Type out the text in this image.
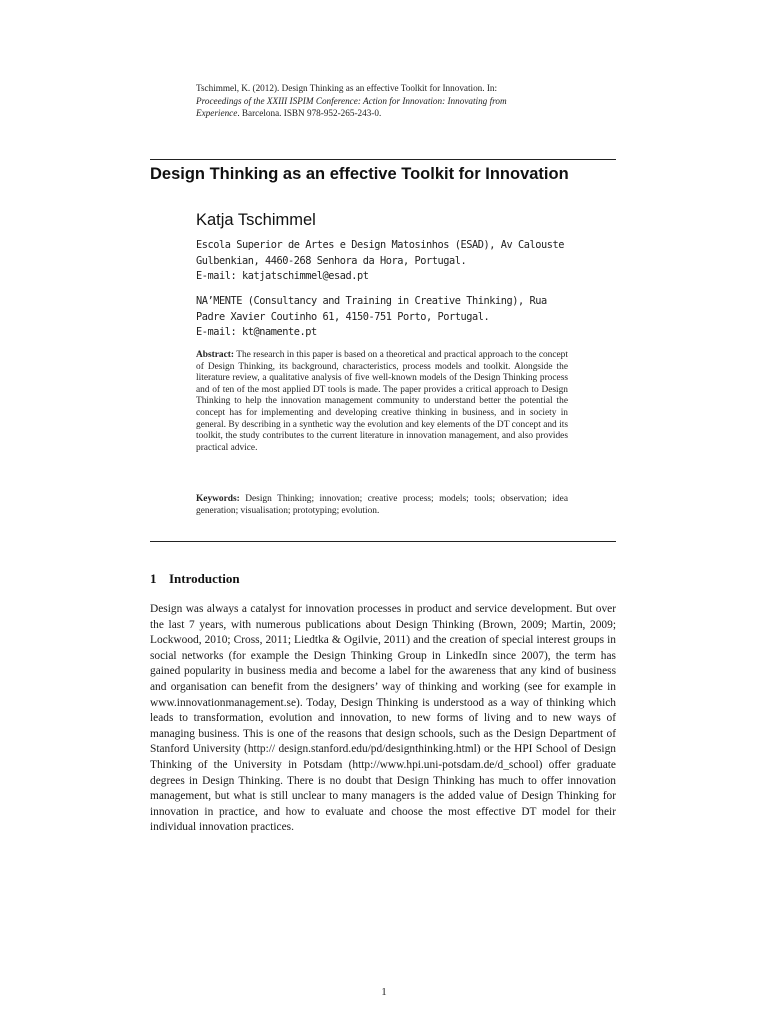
Tschimmel, K. (2012). Design Thinking as an effective Toolkit for Innovation. In:
Proceedings of the XXIII ISPIM Conference: Action for Innovation: Innovating from
Experience. Barcelona. ISBN 978-952-265-243-0.
Design Thinking as an effective Toolkit for Innovation
Katja Tschimmel
Escola Superior de Artes e Design Matosinhos (ESAD), Av Calouste
Gulbenkian, 4460-268 Senhora da Hora, Portugal.
E-mail: katjatschimmel@esad.pt
NA’MENTE (Consultancy and Training in Creative Thinking), Rua
Padre Xavier Coutinho 61, 4150-751 Porto, Portugal.
E-mail: kt@namente.pt
Abstract: The research in this paper is based on a theoretical and practical approach to the concept of Design Thinking, its background, characteristics, process models and toolkit. Alongside the literature review, a qualitative analysis of five well-known models of the Design Thinking process and of ten of the most applied DT tools is made. The paper provides a critical approach to Design Thinking to help the innovation management community to understand better the potential the concept has for implementing and developing creative thinking in business, and in society in general. By describing in a synthetic way the evolution and key elements of the DT concept and its toolkit, the study contributes to the current literature in innovation management, and also provides practical advice.
Keywords: Design Thinking; innovation; creative process; models; tools; observation; idea generation; visualisation; prototyping; evolution.
1 Introduction
Design was always a catalyst for innovation processes in product and service development. But over the last 7 years, with numerous publications about Design Thinking (Brown, 2009; Martin, 2009; Lockwood, 2010; Cross, 2011; Liedtka & Ogilvie, 2011) and the creation of special interest groups in social networks (for example the Design Thinking Group in LinkedIn since 2007), the term has gained popularity in business media and become a label for the awareness that any kind of business and organisation can benefit from the designers’ way of thinking and working (see for example in www.innovationmanagement.se). Today, Design Thinking is understood as a way of thinking which leads to transformation, evolution and innovation, to new forms of living and to new ways of managing business. This is one of the reasons that design schools, such as the Design Department of Stanford University (http:// design.stanford.edu/pd/designthinking.html) or the HPI School of Design Thinking of the University in Potsdam (http://www.hpi.uni-potsdam.de/d_school) offer graduate degrees in Design Thinking. There is no doubt that Design Thinking has much to offer innovation management, but what is still unclear to many managers is the added value of Design Thinking for innovation in practice, and how to evaluate and choose the most effective DT model for their individual innovation practices.
1
